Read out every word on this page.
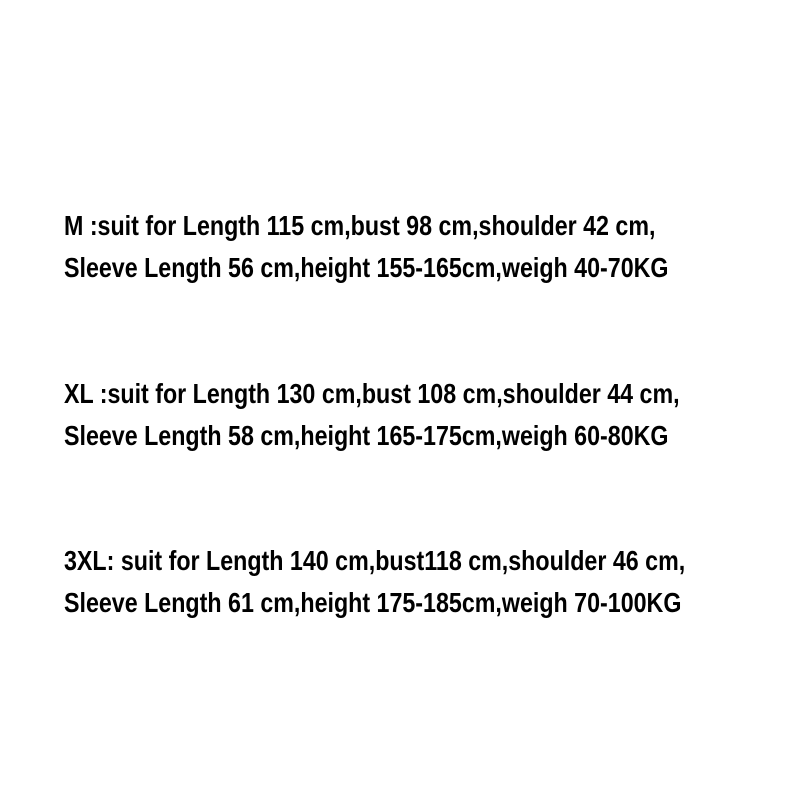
M :suit for Length 115 cm,bust 98 cm,shoulder 42 cm,

Sleeve Length 56 cm,height 155-165cm,weigh 40-70KG

XL :suit for Length 130 cm,bust 108 cm,shoulder 44 cm,

Sleeve Length 58 cm,height 165-175cm,weigh 60-80KG

3XL: suit for Length 140 cm,bust118 cm,shoulder 46 cm,

Sleeve Length 61 cm,height 175-185cm,weigh 70-100KG
